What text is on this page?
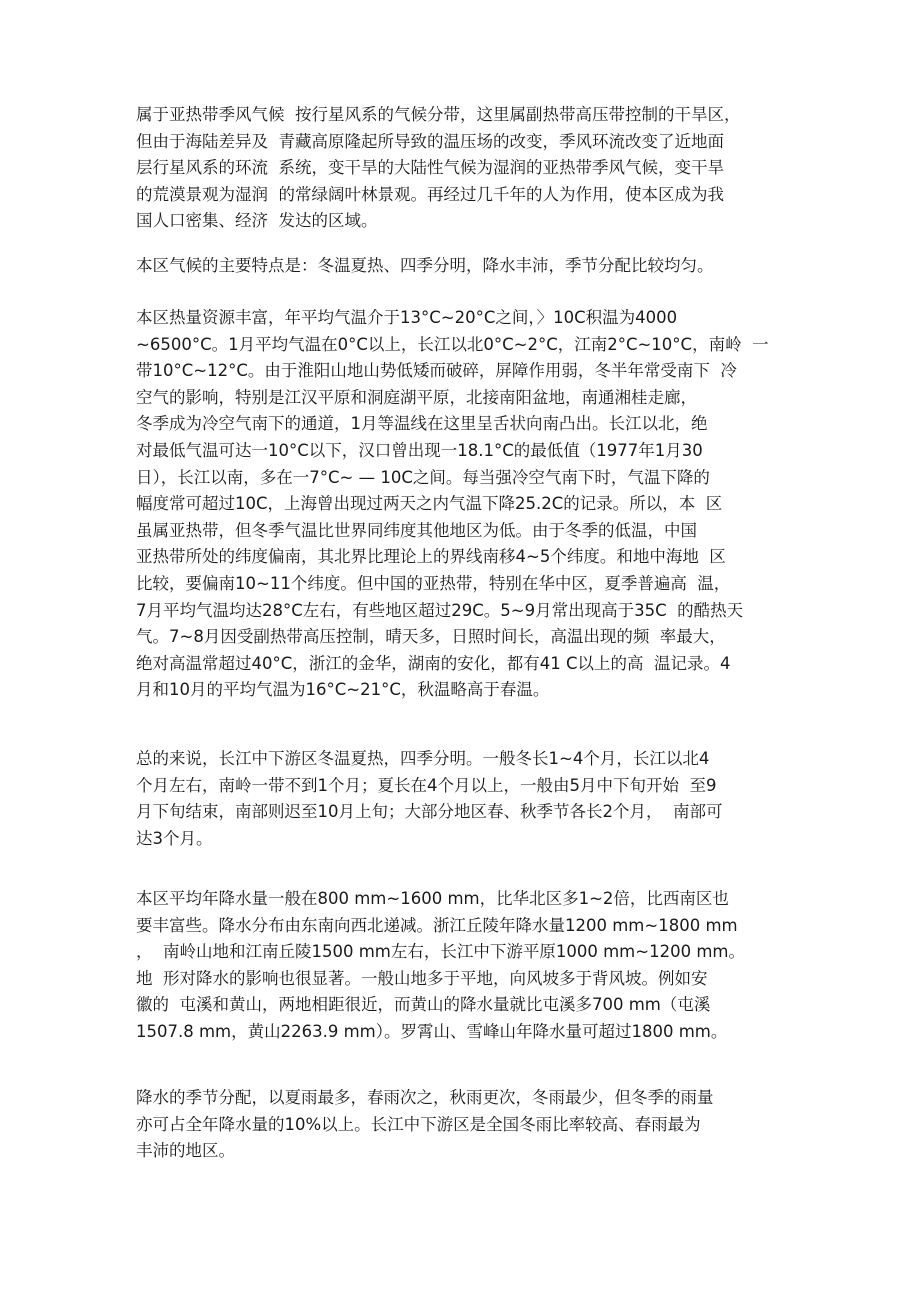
属于亚热带季风气候  按行星风系的气候分带，这里属副热带高压带控制的干旱区，
但由于海陆差异及  青藏高原隆起所导致的温压场的改变，季风环流改变了近地面
层行星风系的环流  系统，变干旱的大陆性气候为湿润的亚热带季风气候，变干旱
的荒漠景观为湿润  的常绿阔叶林景观。再经过几千年的人为作用，使本区成为我
国人口密集、经济  发达的区域。
本区气候的主要特点是：冬温夏热、四季分明，降水丰沛，季节分配比较均匀。
本区热量资源丰富，年平均气温介于13°C~20°C之间，〉10C积温为4000
~6500°C。1月平均气温在0°C以上，长江以北0°C~2°C，江南2°C~10°C，南岭  一
带10°C~12°C。由于淮阳山地山势低矮而破碎，屏障作用弱，冬半年常受南下  冷
空气的影响，特别是江汉平原和洞庭湖平原，北接南阳盆地，南通湘桂走廊，
冬季成为冷空气南下的通道，1月等温线在这里呈舌状向南凸出。长江以北，绝
对最低气温可达一10°C以下，汉口曾出现一18.1°C的最低值（1977年1月30
日），长江以南，多在一7°C~ — 10C之间。每当强冷空气南下时，气温下降的
幅度常可超过10C，上海曾出现过两天之内气温下降25.2C的记录。所以，本  区
虽属亚热带，但冬季气温比世界同纬度其他地区为低。由于冬季的低温，中国
亚热带所处的纬度偏南，其北界比理论上的界线南移4~5个纬度。和地中海地  区
比较，要偏南10~11个纬度。但中国的亚热带，特别在华中区，夏季普遍高  温，
7月平均气温均达28°C左右，有些地区超过29C。5~9月常出现高于35C  的酷热天
气。7~8月因受副热带高压控制，晴天多，日照时间长，高温出现的频  率最大，
绝对高温常超过40°C，浙江的金华，湖南的安化，都有41 C以上的高  温记录。4
月和10月的平均气温为16°C~21°C，秋温略高于春温。
总的来说，长江中下游区冬温夏热，四季分明。一般冬长1~4个月，长江以北4
个月左右，南岭一带不到1个月；夏长在4个月以上，一般由5月中下旬开始  至9
月下旬结束，南部则迟至10月上旬；大部分地区春、秋季节各长2个月，  南部可
达3个月。
本区平均年降水量一般在800 mm~1600 mm，比华北区多1~2倍，比西南区也
要丰富些。降水分布由东南向西北递减。浙江丘陵年降水量1200 mm~1800 mm
，  南岭山地和江南丘陵1500 mm左右，长江中下游平原1000 mm~1200 mm。
地  形对降水的影响也很显著。一般山地多于平地，向风坡多于背风坡。例如安
徽的  屯溪和黄山，两地相距很近，而黄山的降水量就比屯溪多700 mm（屯溪
1507.8 mm，黄山2263.9 mm）。罗霄山、雪峰山年降水量可超过1800 mm。
降水的季节分配，以夏雨最多，春雨次之，秋雨更次，冬雨最少，但冬季的雨量
亦可占全年降水量的10%以上。长江中下游区是全国冬雨比率较高、春雨最为
丰沛的地区。
